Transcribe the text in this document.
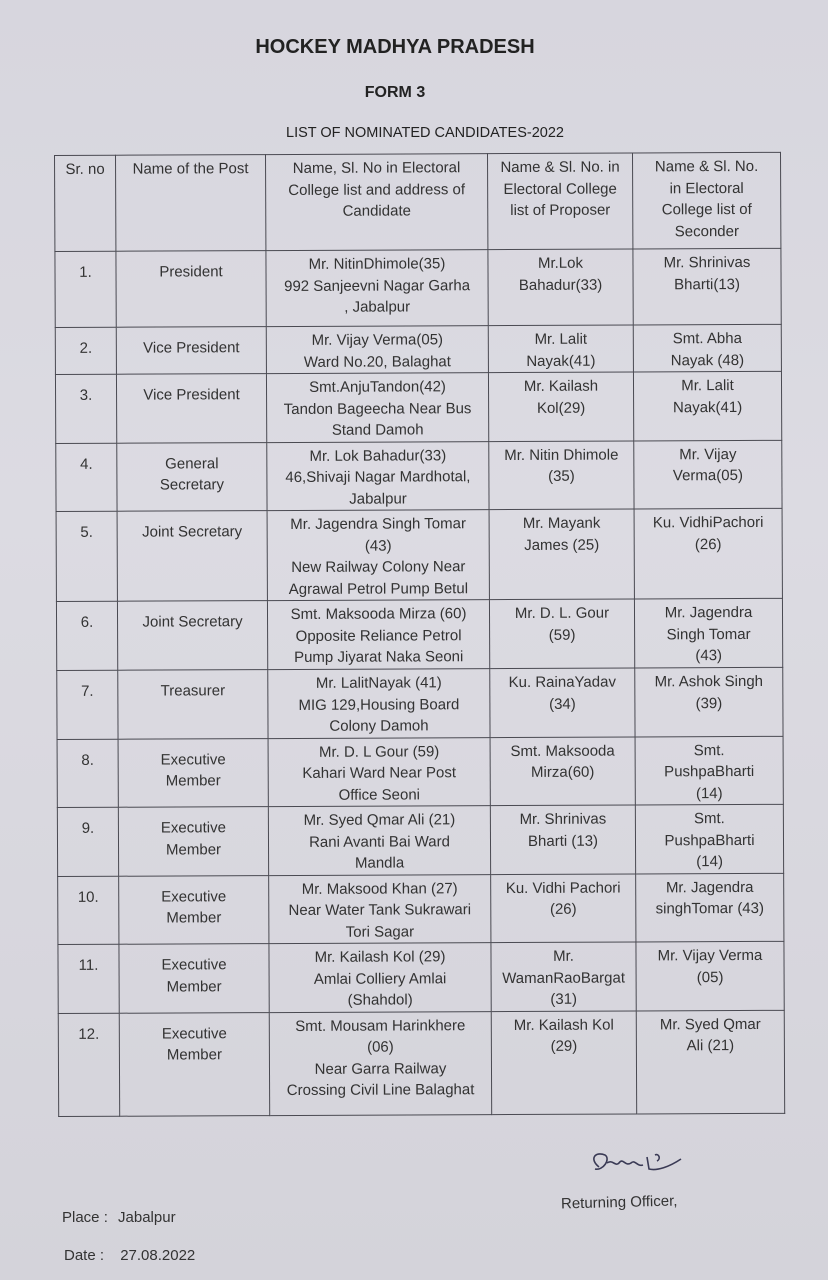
HOCKEY MADHYA PRADESH
FORM 3
LIST OF NOMINATED CANDIDATES-2022
Sr. no	Name of the Post	Name, Sl. No in Electoral
College list and address of
Candidate	Name & Sl. No. in
Electoral College
list of Proposer	Name & Sl. No.
in Electoral
College list of
Seconder
1.	President	Mr. NitinDhimole(35)
992 Sanjeevni Nagar Garha
, Jabalpur	Mr.Lok
Bahadur(33)	Mr. Shrinivas
Bharti(13)
2.	Vice President	Mr. Vijay Verma(05)
Ward No.20, Balaghat	Mr. Lalit
Nayak(41)	Smt. Abha
Nayak (48)
3.	Vice President	Smt.AnjuTandon(42)
Tandon Bageecha Near Bus
Stand Damoh	Mr. Kailash
Kol(29)	Mr. Lalit
Nayak(41)
4.	General
Secretary	Mr. Lok Bahadur(33)
46,Shivaji Nagar Mardhotal,
Jabalpur	Mr. Nitin Dhimole
(35)	Mr. Vijay
Verma(05)
5.	Joint Secretary	Mr. Jagendra Singh Tomar
(43)
New Railway Colony Near
Agrawal Petrol Pump Betul	Mr. Mayank
James (25)	Ku. VidhiPachori
(26)
6.	Joint Secretary	Smt. Maksooda Mirza (60)
Opposite Reliance Petrol
Pump Jiyarat Naka Seoni	Mr. D. L. Gour
(59)	Mr. Jagendra
Singh Tomar
(43)
7.	Treasurer	Mr. LalitNayak (41)
MIG 129,Housing Board
Colony Damoh	Ku. RainaYadav
(34)	Mr. Ashok Singh
(39)
8.	Executive
Member	Mr. D. L Gour (59)
Kahari Ward Near Post
Office Seoni	Smt. Maksooda
Mirza(60)	Smt.
PushpaBharti
(14)
9.	Executive
Member	Mr. Syed Qmar Ali (21)
Rani Avanti Bai Ward
Mandla	Mr. Shrinivas
Bharti (13)	Smt.
PushpaBharti
(14)
10.	Executive
Member	Mr. Maksood Khan (27)
Near Water Tank Sukrawari
Tori Sagar	Ku. Vidhi Pachori
(26)	Mr. Jagendra
singhTomar (43)
11.	Executive
Member	Mr. Kailash Kol (29)
Amlai Colliery Amlai
(Shahdol)	Mr.
WamanRaoBargat
(31)	Mr. Vijay Verma
(05)
12.	Executive
Member	Smt. Mousam Harinkhere
(06)
Near Garra Railway
Crossing Civil Line Balaghat	Mr. Kailash Kol
(29)	Mr. Syed Qmar
Ali (21)
Place : Jabalpur
Date : 27.08.2022
Returning Officer,
